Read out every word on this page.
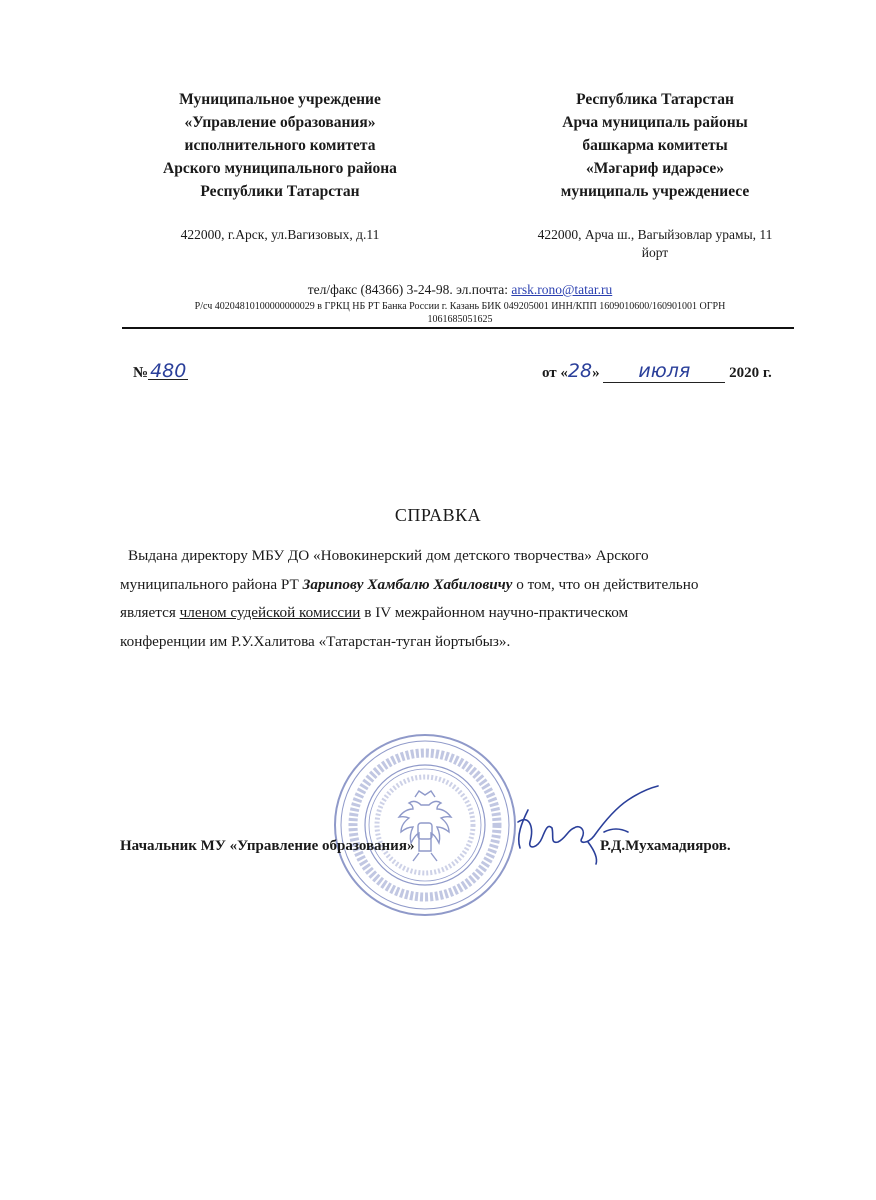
Муниципальное учреждение
«Управление образования»
исполнительного комитета
Арского муниципального района
Республики Татарстан
Республика Татарстан
Арча муниципаль районы
башкарма комитеты
«Мәгариф идарәсе»
муниципаль учреждениесе
422000, г.Арск, ул.Вагизовых, д.11	422000, Арча ш., Вагыйзовлар урамы, 11
йорт
тел/факс (84366) 3-24-98. эл.почта: arsk.rono@tatar.ru
Р/сч 40204810100000000029 в ГРКЦ НБ РТ Банка России г. Казань БИК 049205001 ИНН/КПП 1609010600/160901001 ОГРН
1061685051625
№ 480	от «28» июля	2020 г.
СПРАВКА

Выдана директору МБУ ДО «Новокинерский дом детского творчества» Арского

муниципального района РТ Зарипову Хамбалю Хабиловичу о том, что он действительно

является членом судейской комиссии в IV межрайонном научно-практическом

конференции им Р.У.Халитова «Татарстан-туган йортыбыз».

Начальник МУ «Управление образования»	Р.Д.Мухамадияров.
